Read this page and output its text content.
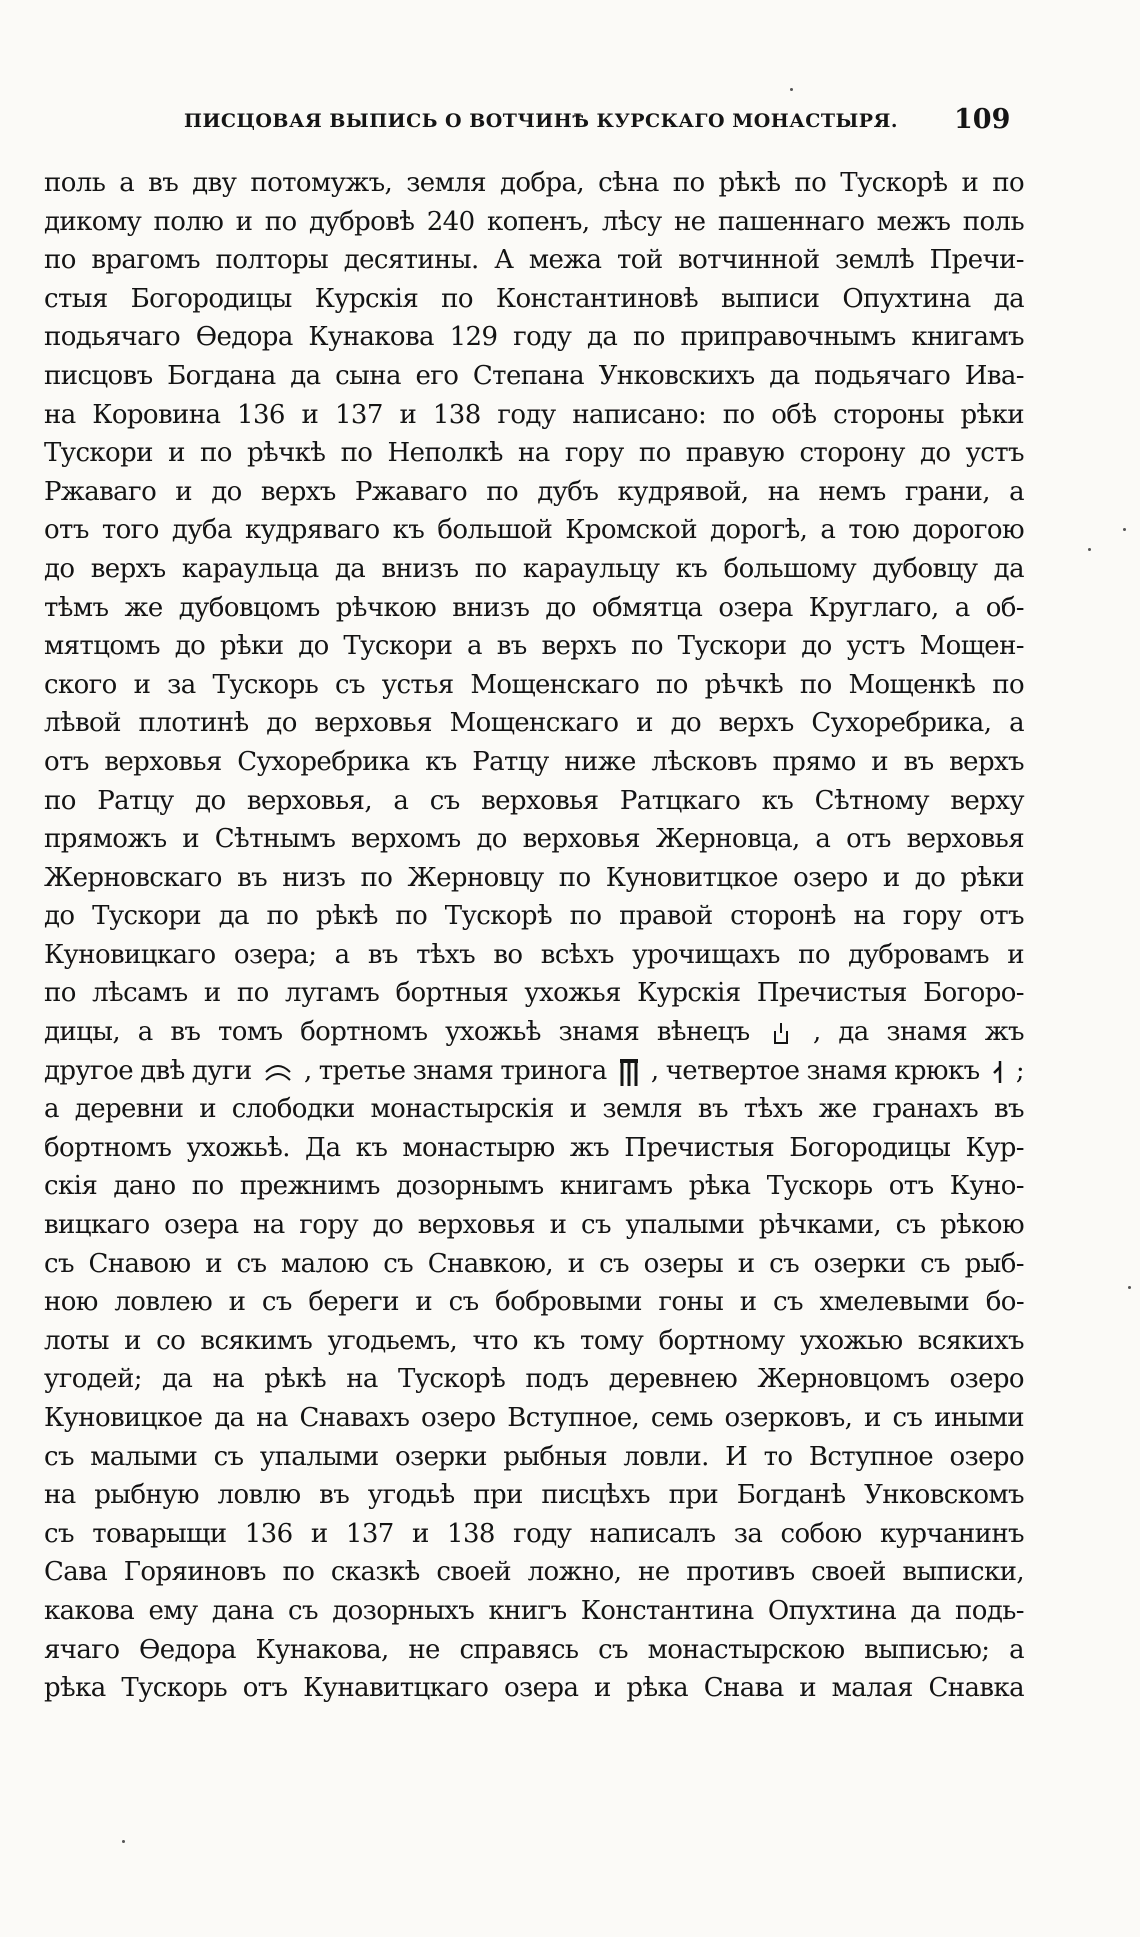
ПИСЦОВАЯ ВЫПИСЬ О ВОТЧИНѢ КУРСКАГО МОНАСТЫРЯ. 109
поль а въ дву потомужъ, земля добра, сѣна по рѣкѣ по Тускорѣ и по
дикому полю и по дубровѣ 240 копенъ, лѣсу не пашеннаго межъ поль
по врагомъ полторы десятины. А межа той вотчинной землѣ Пречи-
стыя Богородицы Курскія по Константиновѣ выписи Опухтина да
подьячаго Ѳедора Кунакова 129 году да по приправочнымъ книгамъ
писцовъ Богдана да сына его Степана Унковскихъ да подьячаго Ива-
на Коровина 136 и 137 и 138 году написано: по обѣ стороны рѣки
Тускори и по рѣчкѣ по Неполкѣ на гору по правую сторону до устъ
Ржаваго и до верхъ Ржаваго по дубъ кудрявой, на немъ грани, а
отъ того дуба кудряваго къ большой Кромской дорогѣ, а тою дорогою
до верхъ караульца да внизъ по караульцу къ большому дубовцу да
тѣмъ же дубовцомъ рѣчкою внизъ до обмятца озера Круглаго, а об-
мятцомъ до рѣки до Тускори а въ верхъ по Тускори до устъ Мощен-
ского и за Тускорь съ устья Мощенскаго по рѣчкѣ по Мощенкѣ по
лѣвой плотинѣ до верховья Мощенскаго и до верхъ Сухоребрика, а
отъ верховья Сухоребрика къ Ратцу ниже лѣсковъ прямо и въ верхъ
по Ратцу до верховья, а съ верховья Ратцкаго къ Сѣтному верху
пряможъ и Сѣтнымъ верхомъ до верховья Жерновца, а отъ верховья
Жерновскаго въ низъ по Жерновцу по Куновитцкое озеро и до рѣки
до Тускори да по рѣкѣ по Тускорѣ по правой сторонѣ на гору отъ
Куновицкаго озера; а въ тѣхъ во всѣхъ урочищахъ по дубровамъ и
по лѣсамъ и по лугамъ бортныя ухожья Курскія Пречистыя Богоро-
дицы, а въ томъ бортномъ ухожьѣ знамя вѣнецъ , да знамя жъ
другое двѣ дуги , третье знамя тринога , четвертое знамя крюкъ ;
а деревни и слободки монастырскія и земля въ тѣхъ же гранахъ въ
бортномъ ухожьѣ. Да къ монастырю жъ Пречистыя Богородицы Кур-
скія дано по прежнимъ дозорнымъ книгамъ рѣка Тускорь отъ Куно-
вицкаго озера на гору до верховья и съ упалыми рѣчками, съ рѣкою
съ Снавою и съ малою съ Снавкою, и съ озеры и съ озерки съ рыб-
ною ловлею и съ береги и съ бобровыми гоны и съ хмелевыми бо-
лоты и со всякимъ угодьемъ, что къ тому бортному ухожью всякихъ
угодей; да на рѣкѣ на Тускорѣ подъ деревнею Жерновцомъ озеро
Куновицкое да на Снавахъ озеро Вступное, семь озерковъ, и съ иными
съ малыми съ упалыми озерки рыбныя ловли. И то Вступное озеро
на рыбную ловлю въ угодьѣ при писцѣхъ при Богданѣ Унковскомъ
съ товарыщи 136 и 137 и 138 году написалъ за собою курчанинъ
Сава Горяиновъ по сказкѣ своей ложно, не противъ своей выписки,
какова ему дана съ дозорныхъ книгъ Константина Опухтина да подь-
ячаго Ѳедора Кунакова, не справясь съ монастырскою выписью; а
рѣка Тускорь отъ Кунавитцкаго озера и рѣка Снава и малая Снавка
